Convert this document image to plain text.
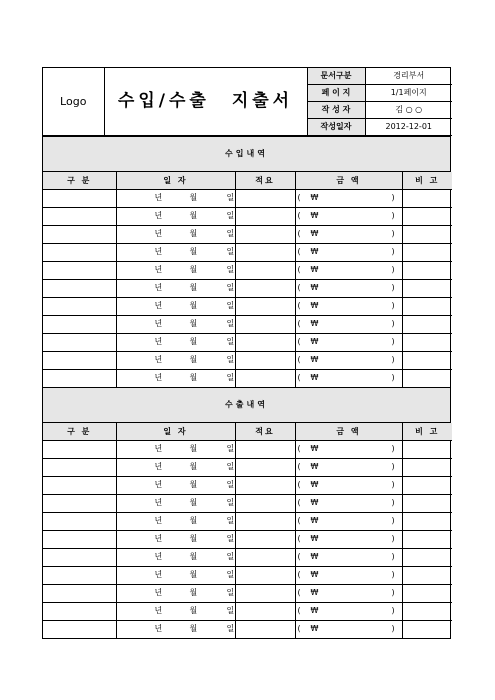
Logo	수입/수출 지출서	문서구분	경리부서
		페 이 지	1/1페이지
		작 성 자	김 ○ ○
		작성일자	2012-12-01
수입내역
구 분	일 자	적요	금 액	비 고

	년 월 일		( ₩ )	

	년 월 일		( ₩ )	

	년 월 일		( ₩ )	

	년 월 일		( ₩ )	

	년 월 일		( ₩ )	

	년 월 일		( ₩ )	

	년 월 일		( ₩ )	

	년 월 일		( ₩ )	

	년 월 일		( ₩ )	

	년 월 일		( ₩ )	

	년 월 일		( ₩ )	

수출내역
구 분	일 자	적요	금 액	비 고

	년 월 일		( ₩ )	

	년 월 일		( ₩ )	

	년 월 일		( ₩ )	

	년 월 일		( ₩ )	

	년 월 일		( ₩ )	

	년 월 일		( ₩ )	

	년 월 일		( ₩ )	

	년 월 일		( ₩ )	

	년 월 일		( ₩ )	

	년 월 일		( ₩ )	

	년 월 일		( ₩ )	
